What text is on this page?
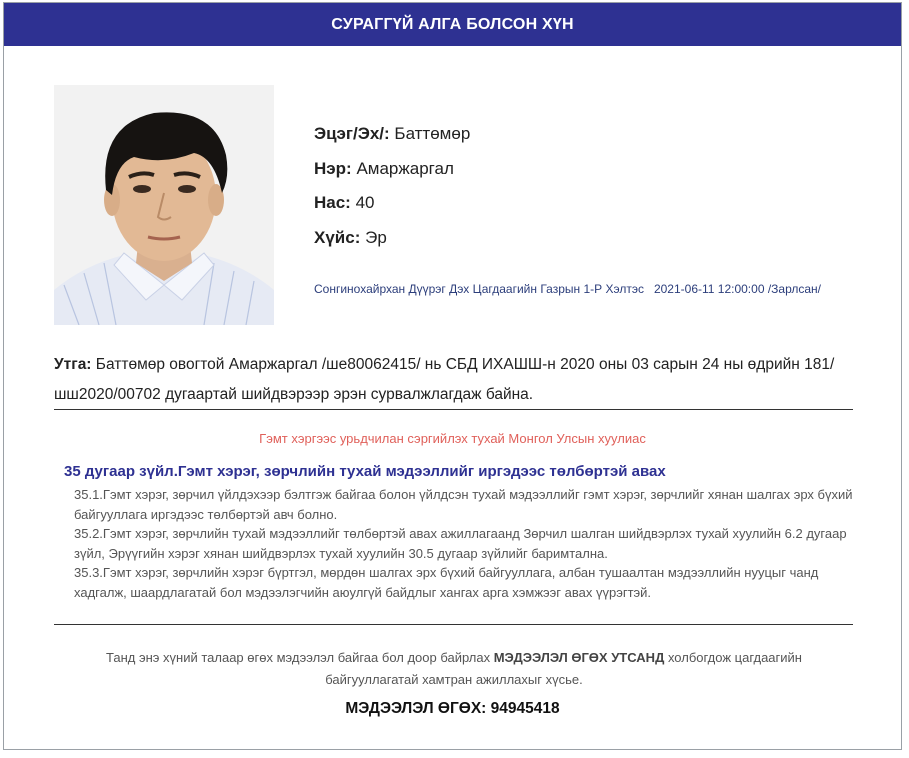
СУРАГГҮЙ АЛГА БОЛСОН ХҮН
Эцэг/Эх/: Баттөмөр
Нэр: Амаржаргал
Нас: 40
Хүйс: Эр
Сонгинохайрхан Дүүрэг Дэх Цагдаагийн Газрын 1-Р Хэлтэс 2021-06-11 12:00:00 /Зарлсан/
Утга: Баттөмөр овогтой Амаржаргал /ше80062415/ нь СБД ИХАШШ-н 2020 оны 03 сарын 24 ны өдрийн 181/шш2020/00702 дугаартай шийдвэрээр эрэн сурвалжлагдаж байна.
Гэмт хэргээс урьдчилан сэргийлэх тухай Монгол Улсын хуулиас
35 дугаар зүйл.Гэмт хэрэг, зөрчлийн тухай мэдээллийг иргэдээс төлбөртэй авах
35.1.Гэмт хэрэг, зөрчил үйлдэхээр бэлтгэж байгаа болон үйлдсэн тухай мэдээллийг гэмт хэрэг, зөрчлийг хянан шалгах эрх бүхий байгууллага иргэдээс төлбөртэй авч болно.
35.2.Гэмт хэрэг, зөрчлийн тухай мэдээллийг төлбөртэй авах ажиллагаанд Зөрчил шалган шийдвэрлэх тухай хуулийн 6.2 дугаар зүйл, Эрүүгийн хэрэг хянан шийдвэрлэх тухай хуулийн 30.5 дугаар зүйлийг баримтална.
35.3.Гэмт хэрэг, зөрчлийн хэрэг бүртгэл, мөрдөн шалгах эрх бүхий байгууллага, албан тушаалтан мэдээллийн нууцыг чанд хадгалж, шаардлагатай бол мэдээлэгчийн аюулгүй байдлыг хангах арга хэмжээг авах үүрэгтэй.
Танд энэ хүний талаар өгөх мэдээлэл байгаа бол доор байрлах МЭДЭЭЛЭЛ ӨГӨХ УТСАНД холбогдож цагдаагийн байгууллагатай хамтран ажиллахыг хүсье.
МЭДЭЭЛЭЛ ӨГӨХ: 94945418
